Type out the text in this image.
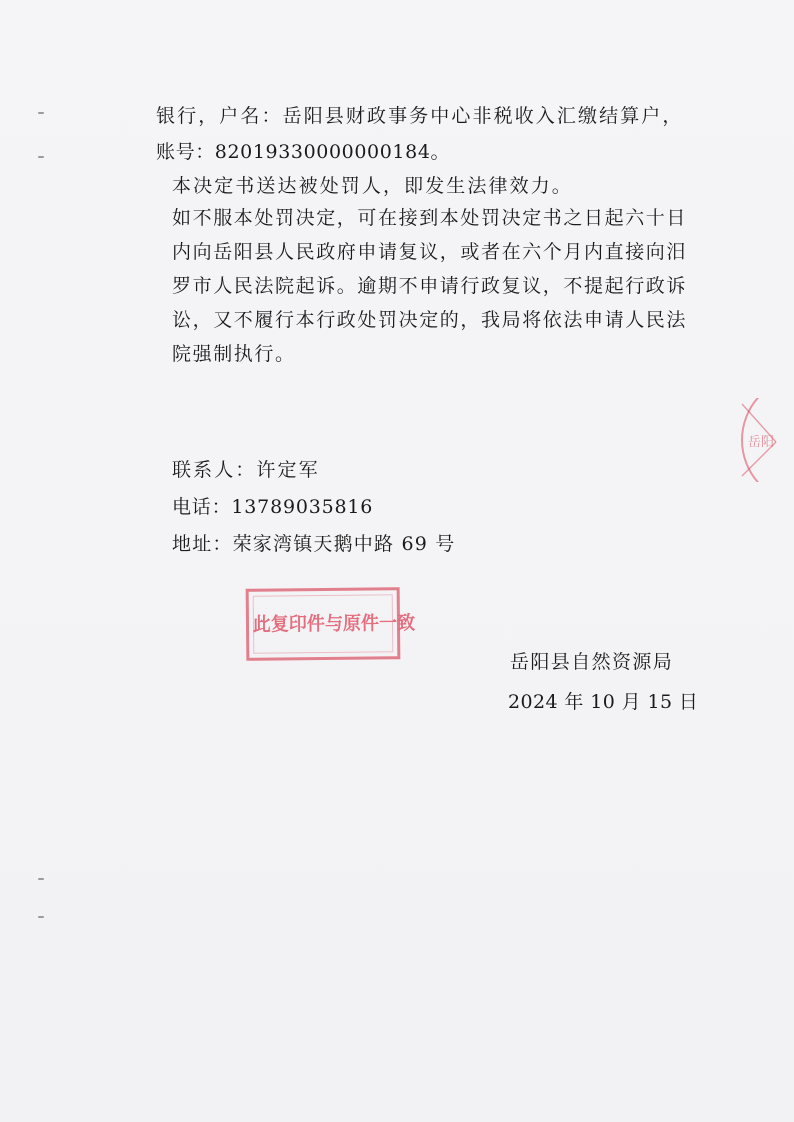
银行，户名：岳阳县财政事务中心非税收入汇缴结算户，
账号：82019330000000184。
本决定书送达被处罚人，即发生法律效力。
如不服本处罚决定，可在接到本处罚决定书之日起六十日内向岳阳县人民政府申请复议，或者在六个月内直接向汨罗市人民法院起诉。逾期不申请行政复议，不提起行政诉讼，又不履行本行政处罚决定的，我局将依法申请人民法院强制执行。
联系人：许定军
电话：13789035816
地址：荣家湾镇天鹅中路 69 号
此复印件与原件一致
岳阳县自然资源局
2024 年 10 月 15 日
岳阳
